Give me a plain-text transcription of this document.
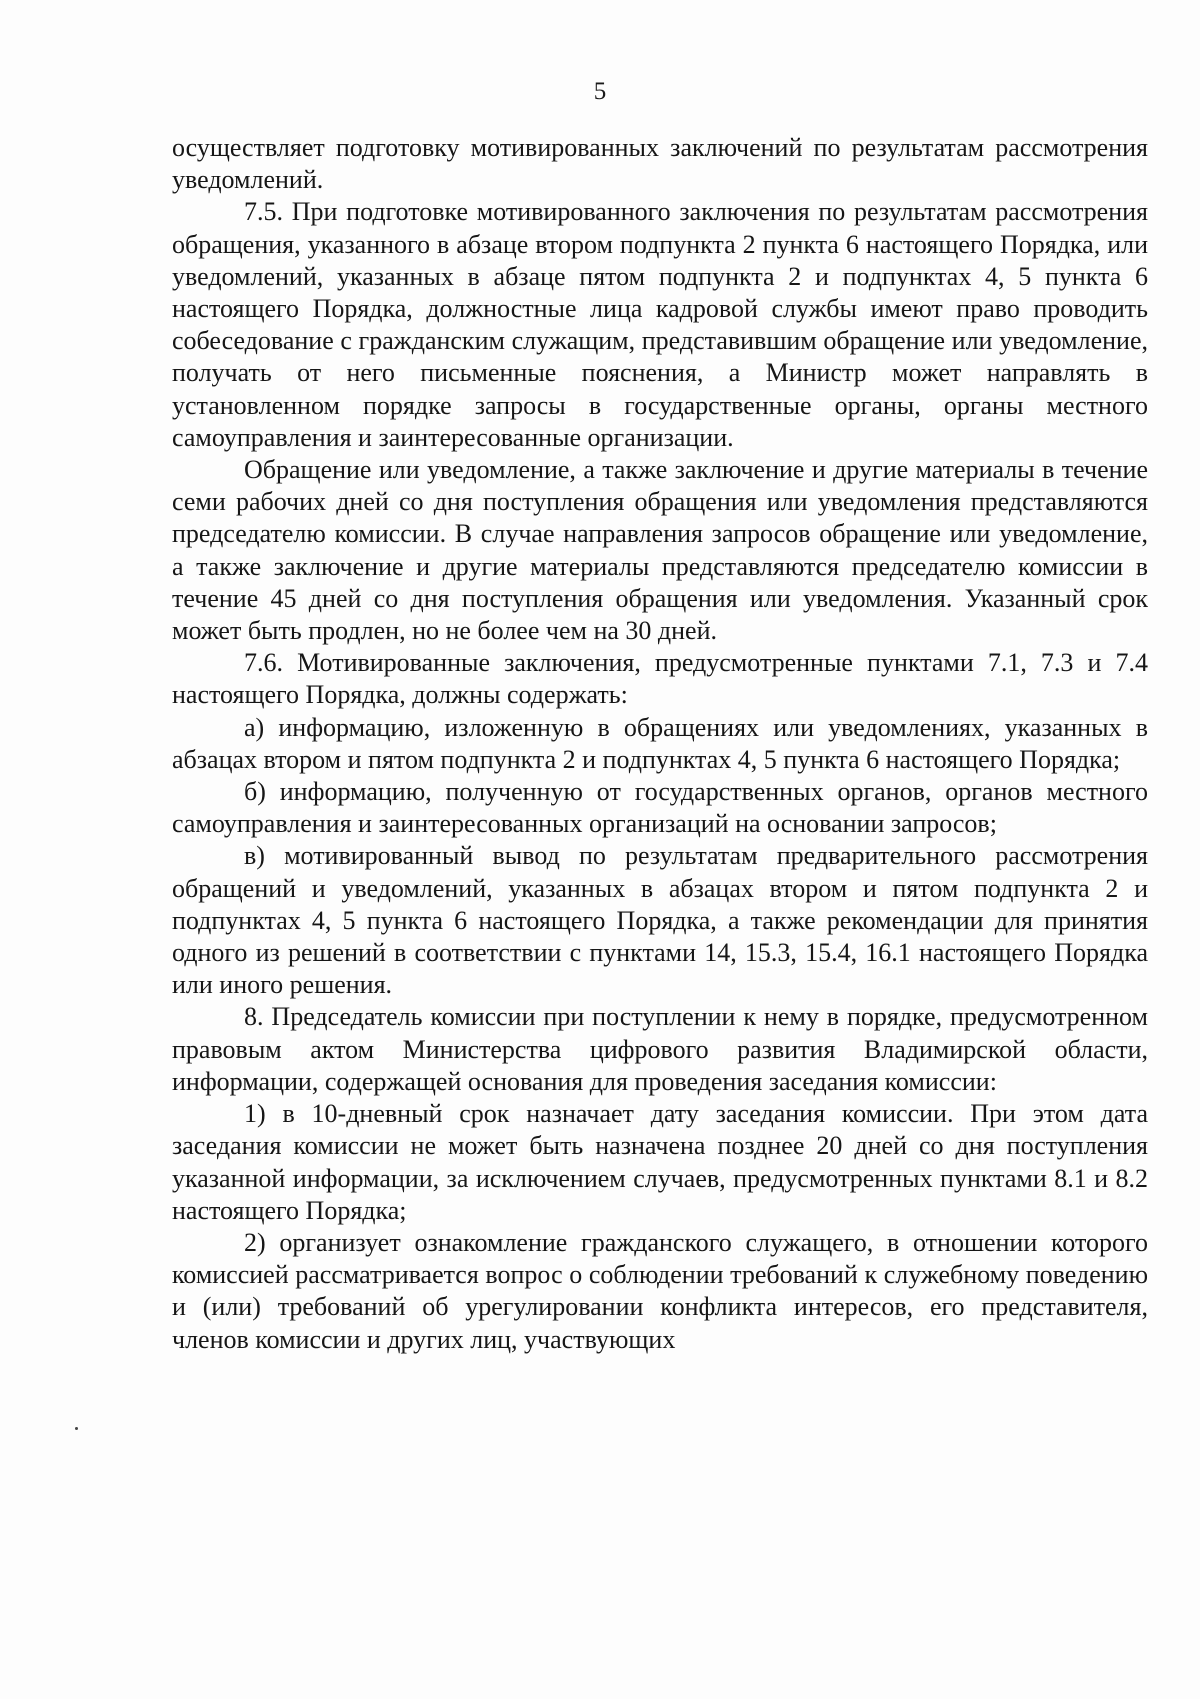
5

осуществляет подготовку мотивированных заключений по результатам рассмотрения уведомлений.

7.5. При подготовке мотивированного заключения по результатам рассмотрения обращения, указанного в абзаце втором подпункта 2 пункта 6 настоящего Порядка, или уведомлений, указанных в абзаце пятом подпункта 2 и подпунктах 4, 5 пункта 6 настоящего Порядка, должностные лица кадровой службы имеют право проводить собеседование с гражданским служащим, представившим обращение или уведомление, получать от него письменные пояснения, а Министр может направлять в установленном порядке запросы в государственные органы, органы местного самоуправления и заинтересованные организации.

Обращение или уведомление, а также заключение и другие материалы в течение семи рабочих дней со дня поступления обращения или уведомления представляются председателю комиссии. В случае направления запросов обращение или уведомление, а также заключение и другие материалы представляются председателю комиссии в течение 45 дней со дня поступления обращения или уведомления. Указанный срок может быть продлен, но не более чем на 30 дней.

7.6. Мотивированные заключения, предусмотренные пунктами 7.1, 7.3 и 7.4 настоящего Порядка, должны содержать:

а) информацию, изложенную в обращениях или уведомлениях, указанных в абзацах втором и пятом подпункта 2 и подпунктах 4, 5 пункта 6 настоящего Порядка;

б) информацию, полученную от государственных органов, органов местного самоуправления и заинтересованных организаций на основании запросов;

в) мотивированный вывод по результатам предварительного рассмотрения обращений и уведомлений, указанных в абзацах втором и пятом подпункта 2 и подпунктах 4, 5 пункта 6 настоящего Порядка, а также рекомендации для принятия одного из решений в соответствии с пунктами 14, 15.3, 15.4, 16.1 настоящего Порядка или иного решения.

8. Председатель комиссии при поступлении к нему в порядке, предусмотренном правовым актом Министерства цифрового развития Владимирской области, информации, содержащей основания для проведения заседания комиссии:

1) в 10-дневный срок назначает дату заседания комиссии. При этом дата заседания комиссии не может быть назначена позднее 20 дней со дня поступления указанной информации, за исключением случаев, предусмотренных пунктами 8.1 и 8.2 настоящего Порядка;

2) организует ознакомление гражданского служащего, в отношении которого комиссией рассматривается вопрос о соблюдении требований к служебному поведению и (или) требований об урегулировании конфликта интересов, его представителя, членов комиссии и других лиц, участвующих
